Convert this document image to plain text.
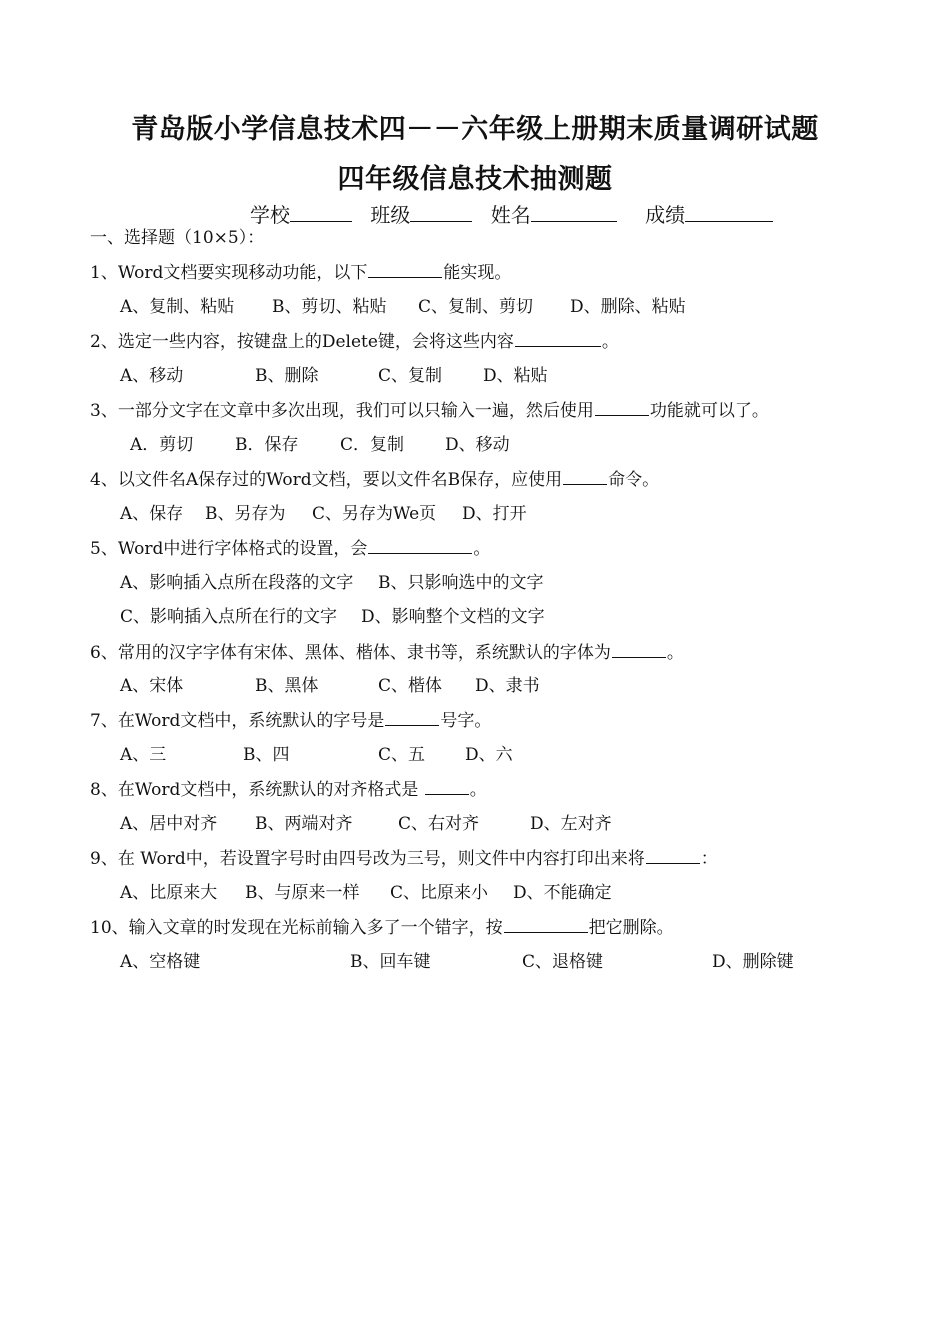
青岛版小学信息技术四－－六年级上册期末质量调研试题
四年级信息技术抽测题
学校	班级	姓名	成绩
一、选择题（10×5）：
1、Word文档要实现移动功能，以下	能实现。
A、复制、粘贴 B、剪切、粘贴 C、复制、剪切 D、删除、粘贴
2、选定一些内容，按键盘上的Delete键，会将这些内容	。
A、移动	B、删除	C、复制 D、粘贴
3、一部分文字在文章中多次出现，我们可以只输入一遍，然后使用	功能就可以了。
A．剪切 B．保存 C．复制 D、移动
4、以文件名A保存过的Word文档，要以文件名B保存，应使用	命令。
A、保存 B、另存为 C、另存为We页 D、打开
5、Word中进行字体格式的设置，会	。
A、影响插入点所在段落的文字 B、只影响选中的文字
C、影响插入点所在行的文字 D、影响整个文档的文字
6、常用的汉字字体有宋体、黑体、楷体、隶书等，系统默认的字体为	。
A、宋体	B、黑体	C、楷体 D、隶书
7、在Word文档中，系统默认的字号是	号字。
A、三	B、四	C、五 D、六
8、在Word文档中，系统默认的对齐格式是	。
A、居中对齐 B、两端对齐	C、右对齐	D、左对齐
9、在 Word中，若设置字号时由四号改为三号，则文件中内容打印出来将	：
A、比原来大 B、与原来一样 C、比原来小 D、不能确定
10、输入文章的时发现在光标前输入多了一个错字，按	把它删除。
A、空格键	B、回车键	C、退格键	D、删除键
